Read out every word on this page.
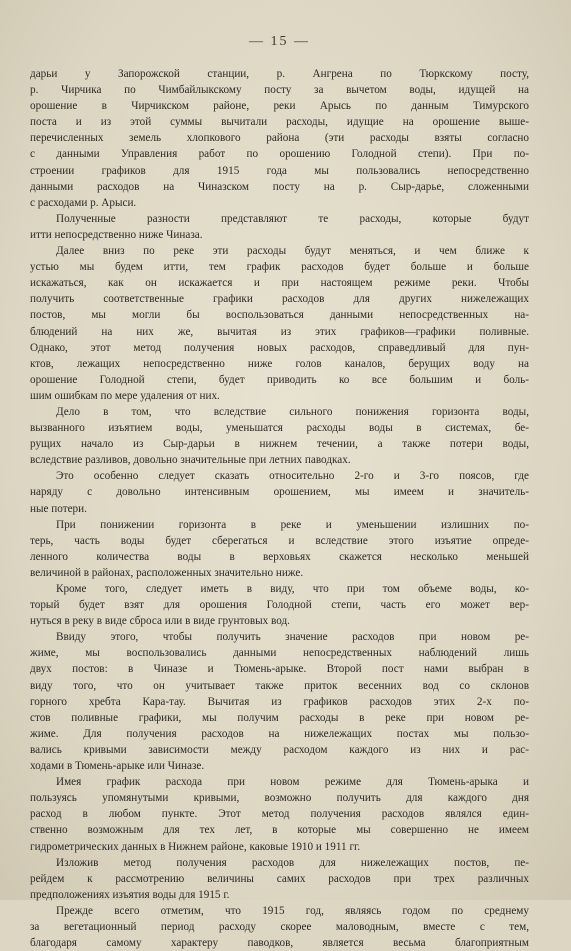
— 15 —
дарьи у Запорожской станции, р. Ангрена по Тюркскому посту,
р. Чирчика по Чимбайлыкскому посту за вычетом воды, идущей на
орошение в Чирчикском районе, реки Арысь по данным Тимурского
поста и из этой суммы вычитали расходы, идущие на орошение выше-
перечисленных земель хлопкового района (эти расходы взяты согласно
с данными Управления работ по орошению Голодной степи). При по-
строении графиков для 1915 года мы пользовались непосредственно
данными расходов на Чиназском посту на р. Сыр-дарье, сложенными
с расходами р. Арыси.
Полученные разности представляют те расходы, которые будут
итти непосредственно ниже Чиназа.
Далее вниз по реке эти расходы будут меняться, и чем ближе к
устью мы будем итти, тем график расходов будет больше и больше
искажаться, как он искажается и при настоящем режиме реки. Чтобы
получить соответственные графики расходов для других нижележащих
постов, мы могли бы воспользоваться данными непосредственных на-
блюдений на них же, вычитая из этих графиков—графики поливные.
Однако, этот метод получения новых расходов, справедливый для пун-
ктов, лежащих непосредственно ниже голов каналов, берущих воду на
орошение Голодной степи, будет приводить ко все большим и боль-
шим ошибкам по мере удаления от них.
Дело в том, что вследствие сильного понижения горизонта воды,
вызванного изъятием воды, уменьшатся расходы воды в системах, бе-
рущих начало из Сыр-дарьи в нижнем течении, а также потери воды,
вследствие разливов, довольно значительные при летних паводках.
Это особенно следует сказать относительно 2-го и 3-го поясов, где
наряду с довольно интенсивным орошением, мы имеем и значитель-
ные потери.
При понижении горизонта в реке и уменьшении излишних по-
терь, часть воды будет сберегаться и вследствие этого изъятие опреде-
ленного количества воды в верховьях скажется несколько меньшей
величиной в районах, расположенных значительно ниже.
Кроме того, следует иметь в виду, что при том объеме воды, ко-
торый будет взят для орошения Голодной степи, часть его может вер-
нуться в реку в виде сброса или в виде грунтовых вод.
Ввиду этого, чтобы получить значение расходов при новом ре-
жиме, мы воспользовались данными непосредственных наблюдений лишь
двух постов: в Чиназе и Тюмень-арыке. Второй пост нами выбран в
виду того, что он учитывает также приток весенних вод со склонов
горного хребта Кара-тау. Вычитая из графиков расходов этих 2-х по-
стов поливные графики, мы получим расходы в реке при новом ре-
жиме. Для получения расходов на нижележащих постах мы пользо-
вались кривыми зависимости между расходом каждого из них и рас-
ходами в Тюмень-арыке или Чиназе.
Имея график расхода при новом режиме для Тюмень-арыка и
пользуясь упомянутыми кривыми, возможно получить для каждого дня
расход в любом пункте. Этот метод получения расходов являлся един-
ственно возможным для тех лет, в которые мы совершенно не имеем
гидрометрических данных в Нижнем районе, каковые 1910 и 1911 гг.
Изложив метод получения расходов для нижележащих постов, пе-
рейдем к рассмотрению величины самих расходов при трех различных
предположениях изъятия воды для 1915 г.
Прежде всего отметим, что 1915 год, являясь годом по среднему
за вегетационный период расходу скорее маловодным, вместе с тем,
благодаря самому характеру паводков, является весьма благоприятным
